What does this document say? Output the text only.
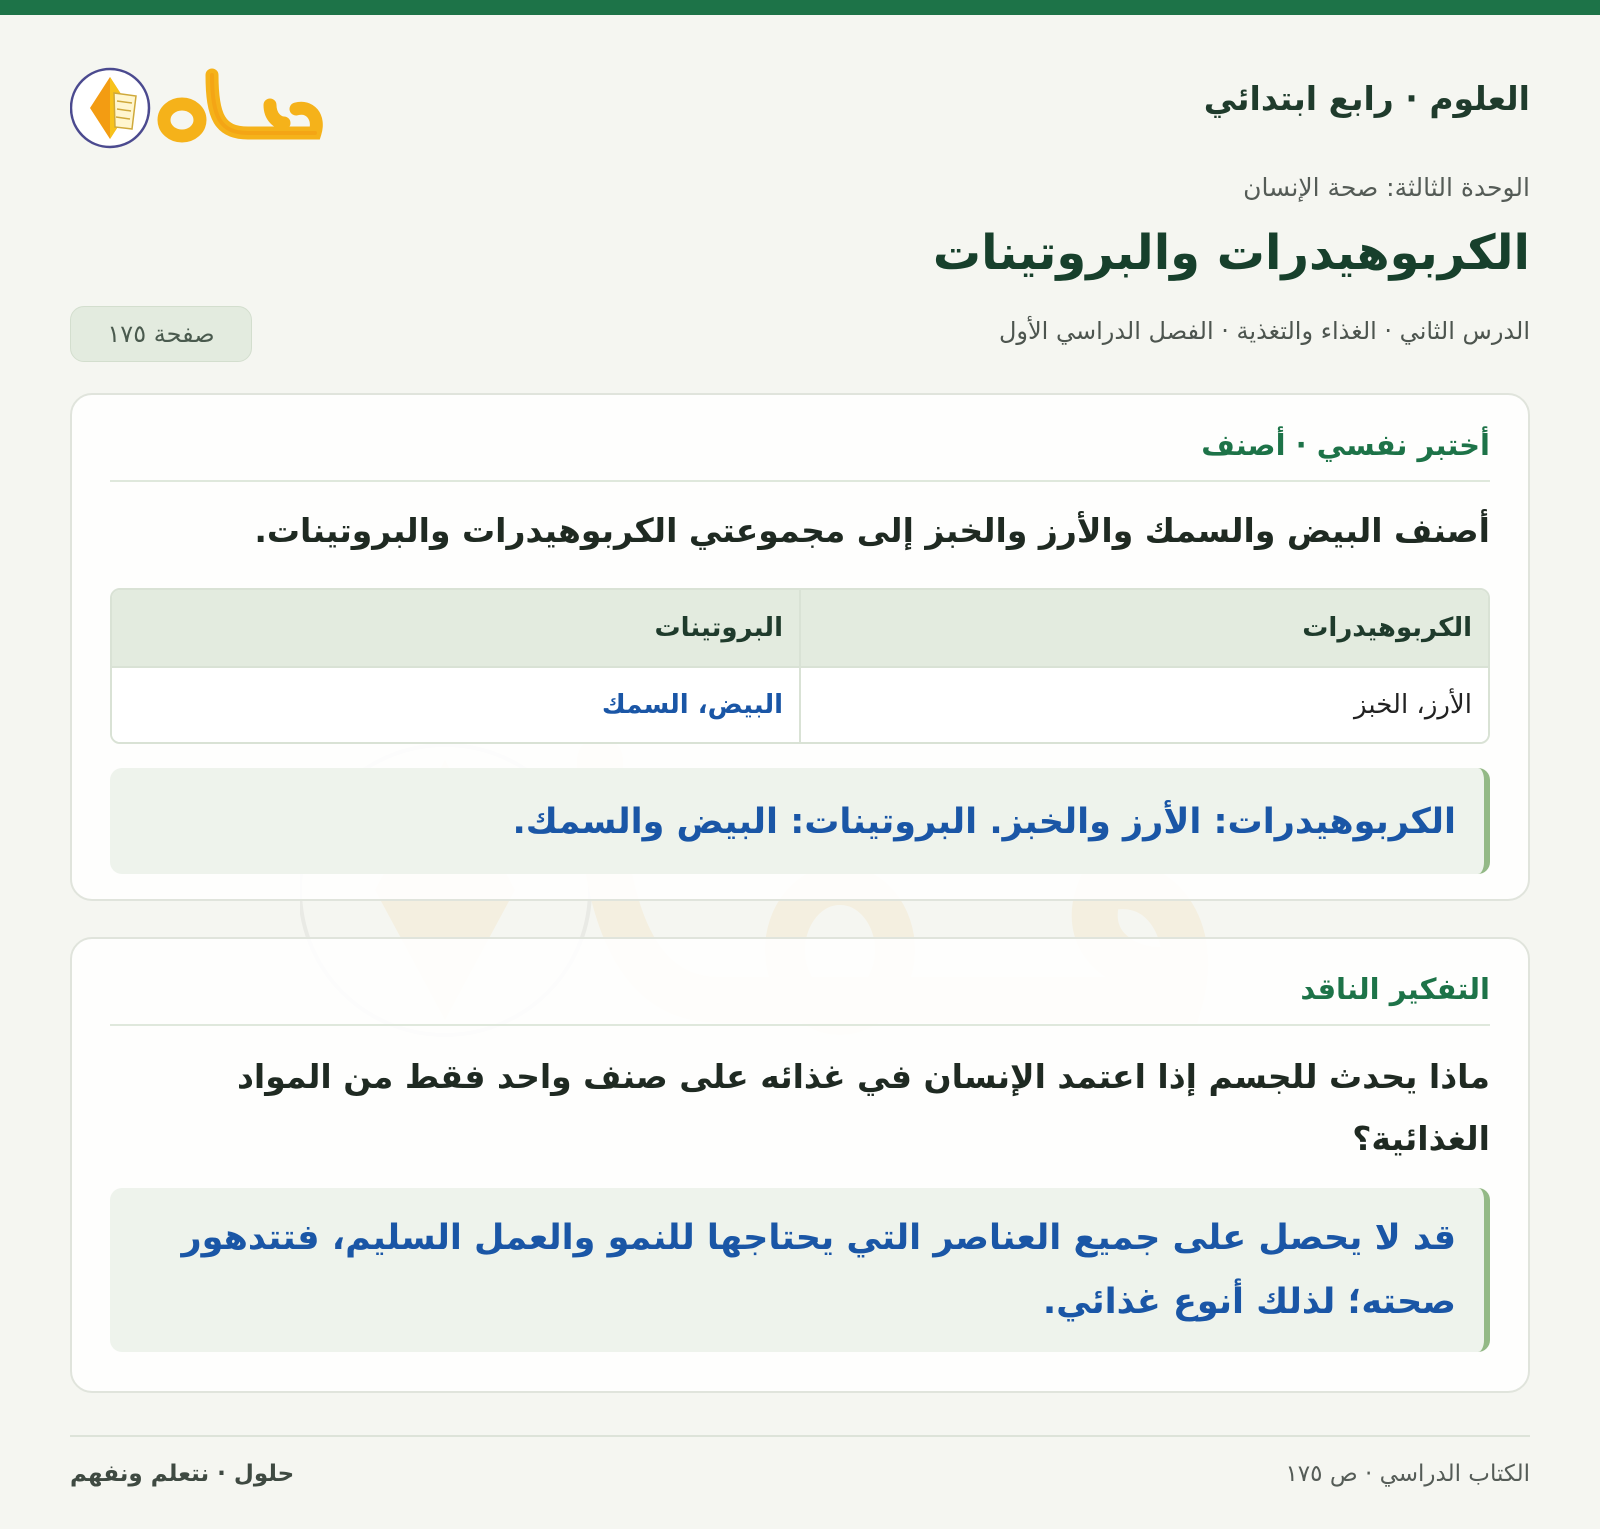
العلوم · رابع ابتدائي

الوحدة الثالثة: صحة الإنسان

الكربوهيدرات والبروتينات

الدرس الثاني · الغذاء والتغذية · الفصل الدراسي الأول

صفحة ١٧٥
أختبر نفسي · أصنف

أصنف البيض والسمك والأرز والخبز إلى مجموعتي الكربوهيدرات والبروتينات.

الكربوهيدرات	البروتينات
الأرز، الخبز	البيض، السمك
الكربوهيدرات: الأرز والخبز. البروتينات: البيض والسمك.
التفكير الناقد

ماذا يحدث للجسم إذا اعتمد الإنسان في غذائه على صنف واحد فقط من المواد الغذائية؟

قد لا يحصل على جميع العناصر التي يحتاجها للنمو والعمل السليم، فتتدهور صحته؛ لذلك أنوع غذائي.

الكتاب الدراسي · ص ١٧٥

حلول · نتعلم ونفهم
